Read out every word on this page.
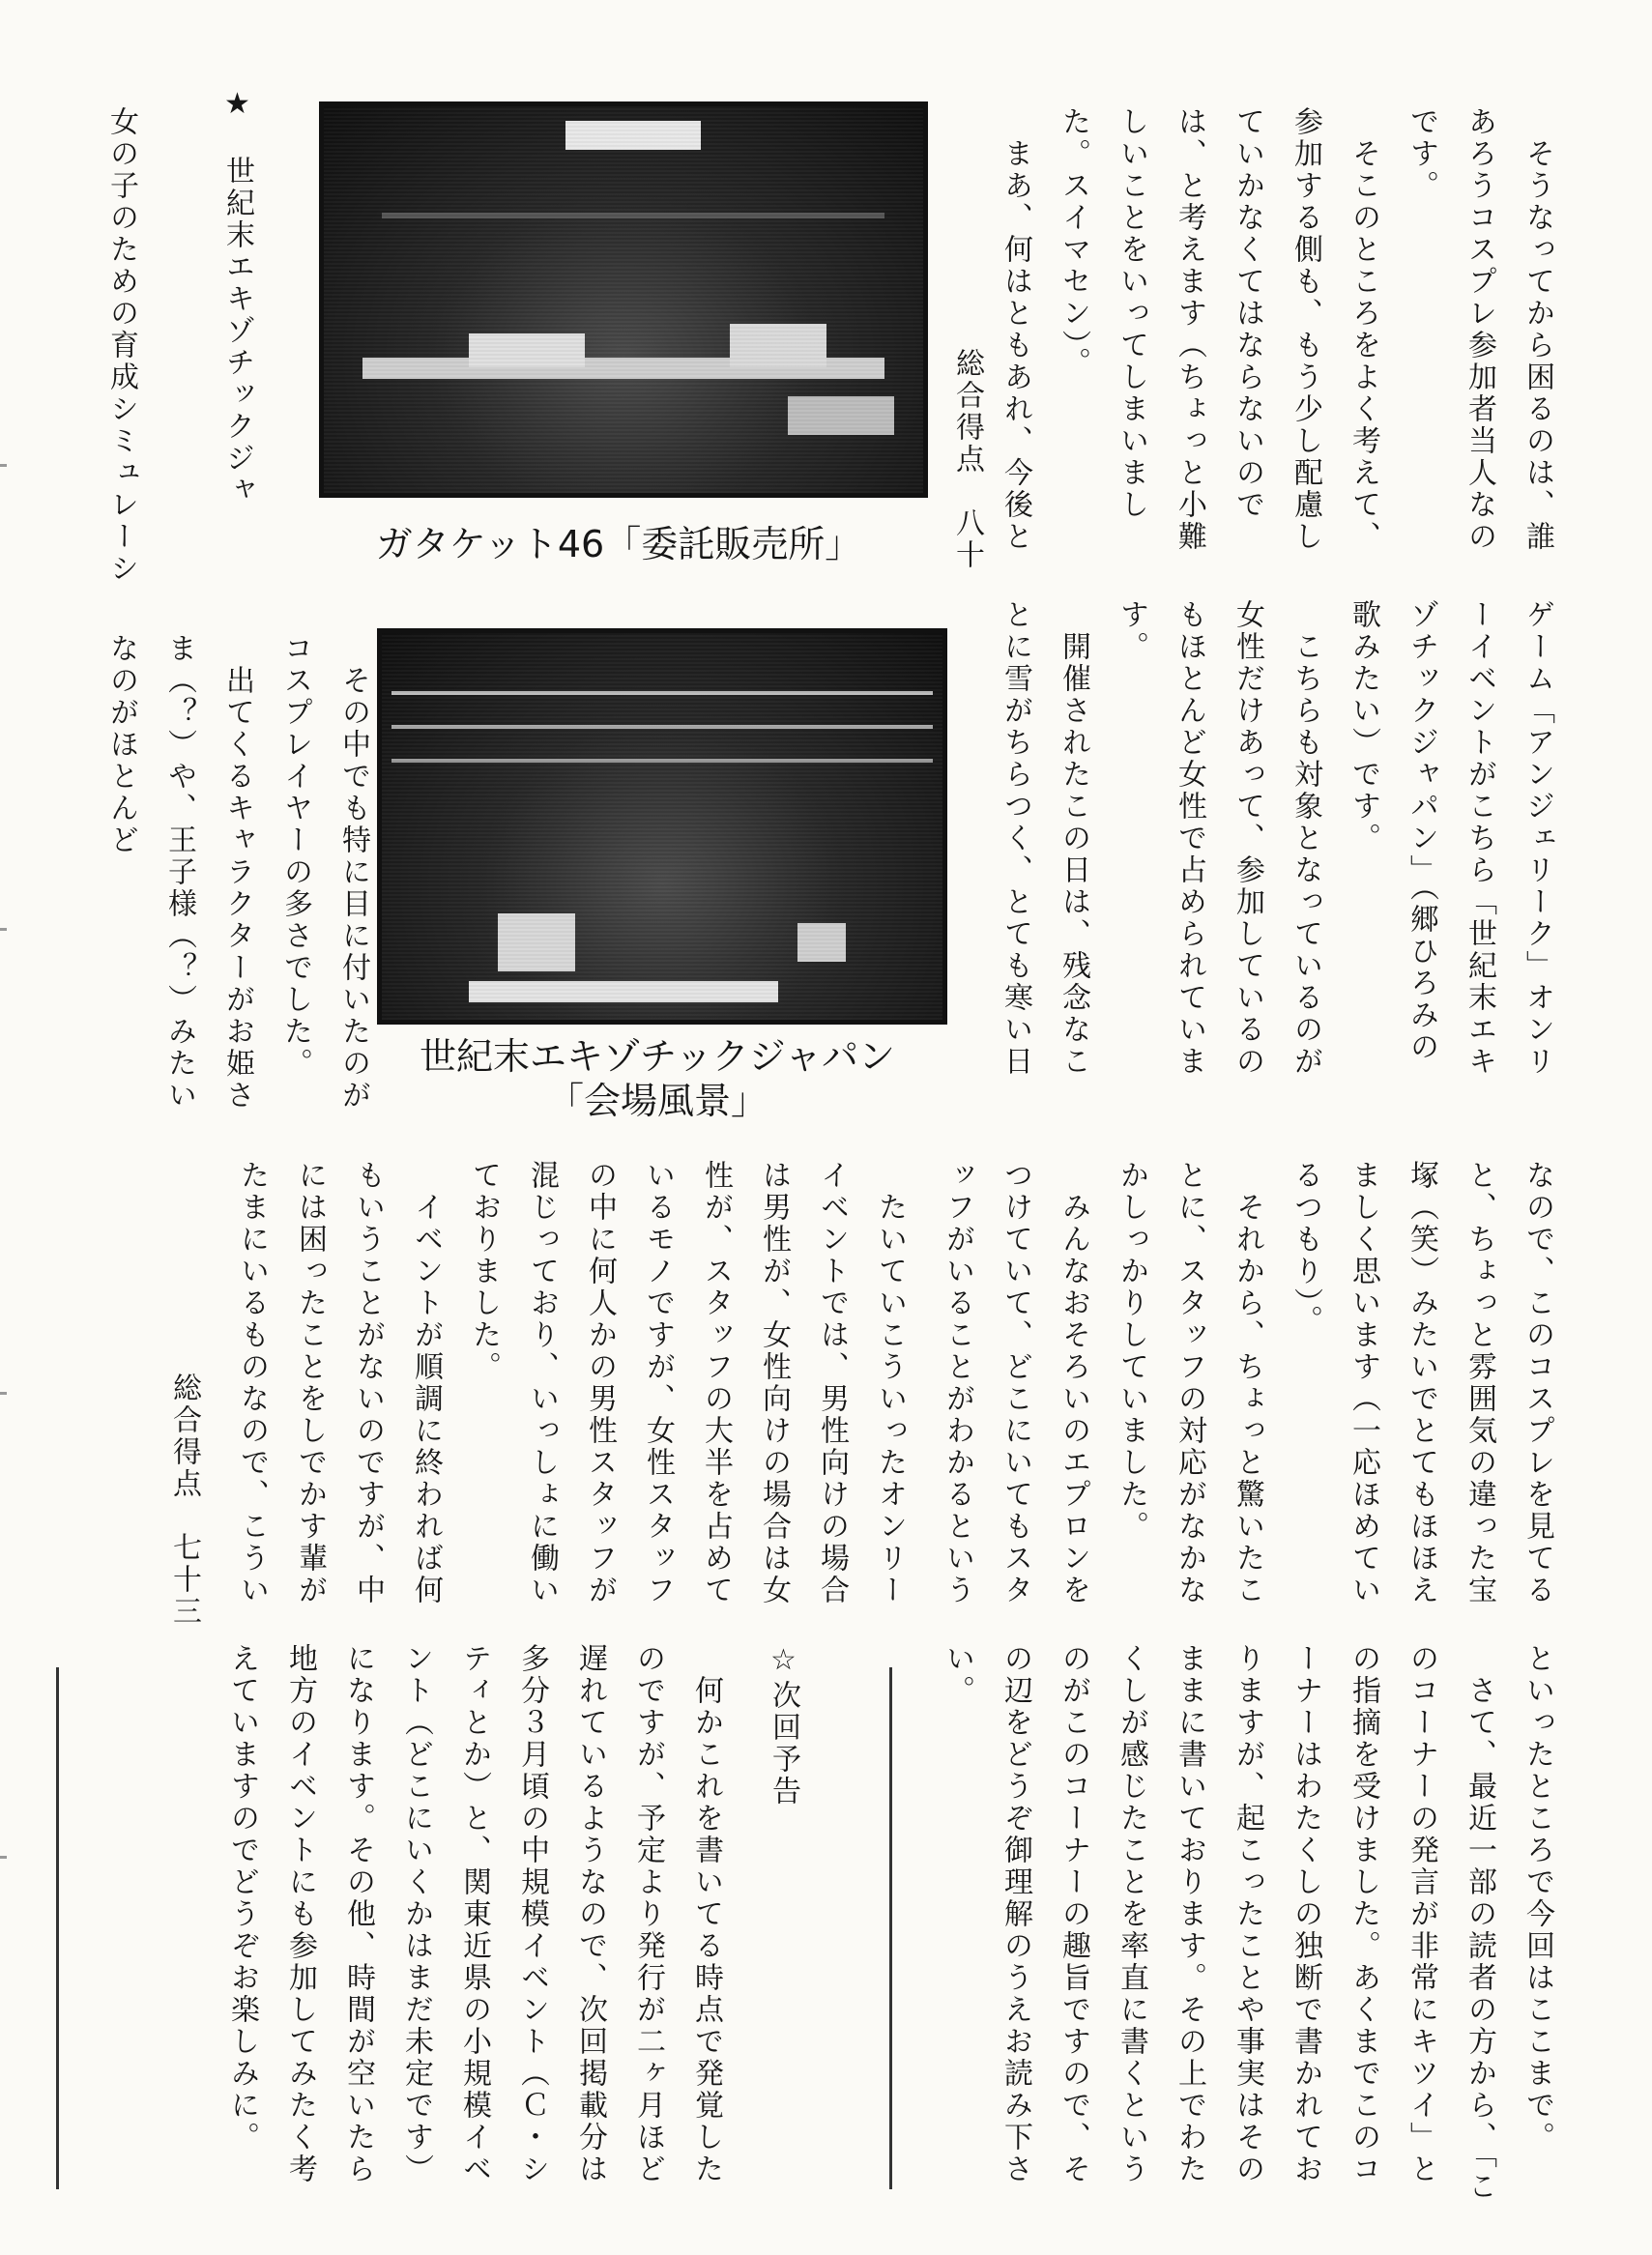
　そうなってから困るのは、誰あろうコスプレ参加者当人なのです。
　そこのところをよく考えて、参加する側も、もう少し配慮していかなくてはならないのでは、と考えます（ちょっと小難しいことをいってしまいました。スイマセン）。
　まあ、何はともあれ、今後と
総合得点　八十
ガタケット46「委託販売所」
ゲーム「アンジェリーク」オンリーイベントがこちら「世紀末エキゾチックジャパン」（郷ひろみの歌みたい）です。
　こちらも対象となっているのが女性だけあって、参加しているのもほとんど女性で占められています。
　開催されたこの日は、残念なことに雪がちらつく、とても寒い日
★　世紀末エキゾチックジャ
女の子のための育成シミュレーシ
世紀末エキゾチックジャパン
「会場風景」
　その中でも特に目に付いたのがコスプレイヤーの多さでした。
　出てくるキャラクターがお姫さま（？）や、王子様（？）みたいなのがほとんど
なので、このコスプレを見てると、ちょっと雰囲気の違った宝塚（笑）みたいでとてもほほえましく思います（一応ほめているつもり）。
　それから、ちょっと驚いたことに、スタッフの対応がなかなかしっかりしていました。
　みんなおそろいのエプロンをつけていて、どこにいてもスタッフがいることがわかるという
　たいていこういったオンリーイベントでは、男性向けの場合は男性が、女性向けの場合は女性が、スタッフの大半を占めているモノですが、女性スタッフの中に何人かの男性スタッフが混じっており、いっしょに働いておりました。
　イベントが順調に終われば何もいうことがないのですが、中には困ったことをしでかす輩がたまにいるものなので、こうい
総合得点　七十三
といったところで今回はここまで。
　さて、最近一部の読者の方から、「このコーナーの発言が非常にキツイ」との指摘を受けました。あくまでこのコーナーはわたくしの独断で書かれておりますが、起こったことや事実はそのままに書いております。その上でわたくしが感じたことを率直に書くというのがこのコーナーの趣旨ですので、その辺をどうぞ御理解のうえお読み下さい。
☆次回予告
　何かこれを書いてる時点で発覚したのですが、予定より発行が二ヶ月ほど遅れているようなので、次回掲載分は多分３月頃の中規模イベント（Ｃ・シティとか）と、関東近県の小規模イベント（どこにいくかはまだ未定です）になります。その他、時間が空いたら地方のイベントにも参加してみたく考えていますのでどうぞお楽しみに。
